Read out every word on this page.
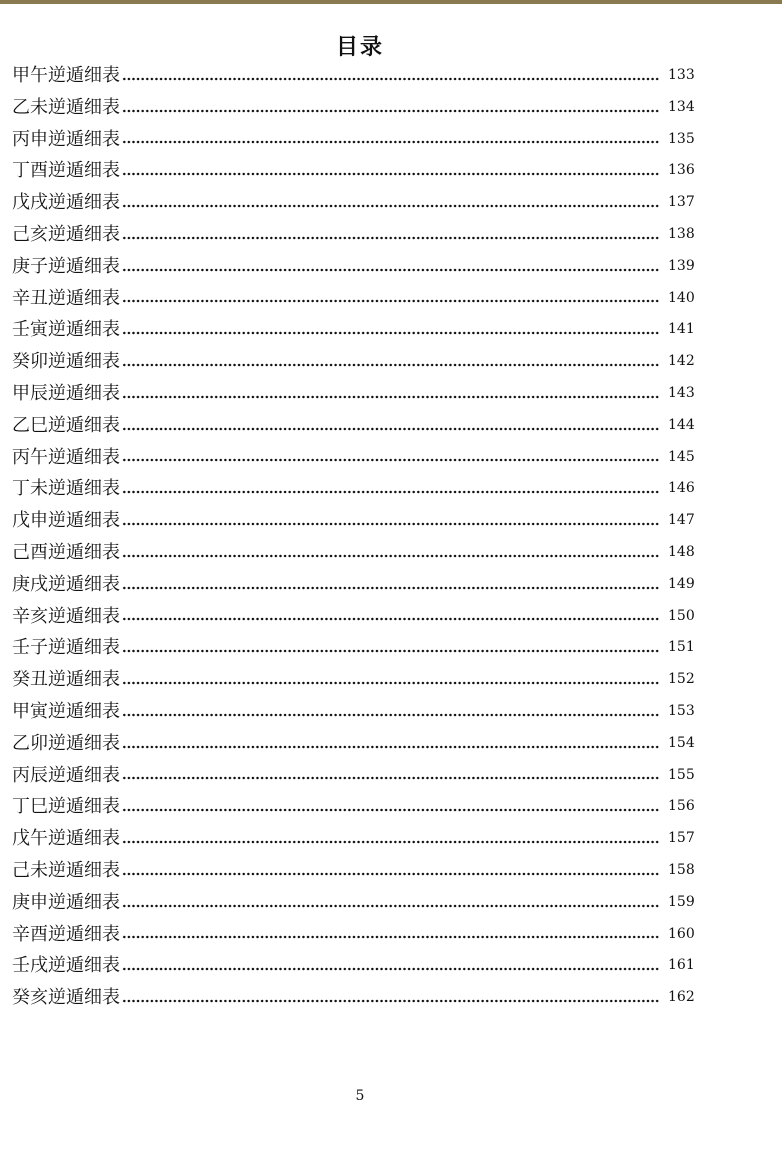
目录
甲午逆遁细表	133
乙未逆遁细表	134
丙申逆遁细表	135
丁酉逆遁细表	136
戊戌逆遁细表	137
己亥逆遁细表	138
庚子逆遁细表	139
辛丑逆遁细表	140
壬寅逆遁细表	141
癸卯逆遁细表	142
甲辰逆遁细表	143
乙巳逆遁细表	144
丙午逆遁细表	145
丁未逆遁细表	146
戊申逆遁细表	147
己酉逆遁细表	148
庚戌逆遁细表	149
辛亥逆遁细表	150
壬子逆遁细表	151
癸丑逆遁细表	152
甲寅逆遁细表	153
乙卯逆遁细表	154
丙辰逆遁细表	155
丁巳逆遁细表	156
戊午逆遁细表	157
己未逆遁细表	158
庚申逆遁细表	159
辛酉逆遁细表	160
壬戌逆遁细表	161
癸亥逆遁细表	162
5
